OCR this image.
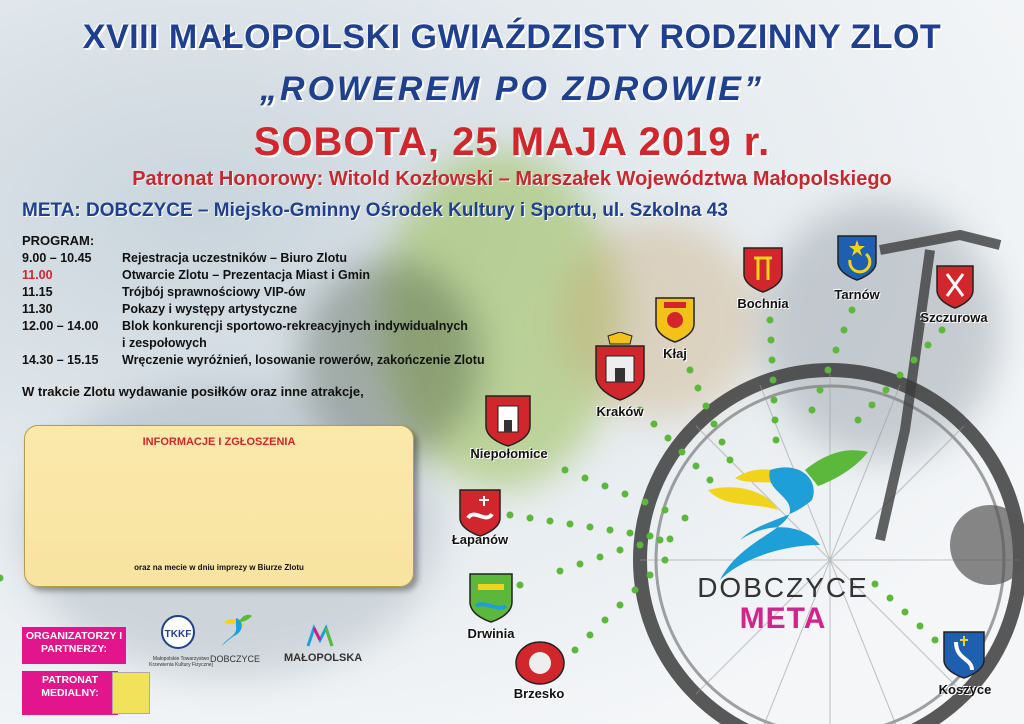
XVIII MAŁOPOLSKI GWIAŹDZISTY RODZINNY ZLOT
„ROWEREM PO ZDROWIE”
SOBOTA, 25 MAJA 2019 r.
Patronat Honorowy: Witold Kozłowski – Marszałek Województwa Małopolskiego
META: DOBCZYCE – Miejsko-Gminny Ośrodek Kultury i Sportu, ul. Szkolna 43
PROGRAM:
9.00 – 10.45	Rejestracja uczestników – Biuro Zlotu
11.00	Otwarcie Zlotu – Prezentacja Miast i Gmin
11.15	Trójbój sprawnościowy VIP-ów
11.30	Pokazy i występy artystyczne
12.00 – 14.00	Blok konkurencji sportowo-rekreacyjnych indywidualnych
i zespołowych
14.30 – 15.15	Wręczenie wyróżnień, losowanie rowerów, zakończenie Zlotu
W trakcie Zlotu wydawanie posiłków oraz inne atrakcje,
INFORMACJE I ZGŁOSZENIA
oraz na mecie w dniu imprezy w Biurze Zlotu
ORGANIZATORZY I PARTNERZY:
PATRONAT MEDIALNY:
TKKF
Małopolskie Towarzystwo Krzewienia Kultury Fizycznej
DOBCZYCE MAŁOPOLSKA
Bochnia
Tarnów
Szczurowa
Kłaj
Kraków
Niepołomice
Łapanów
Drwinia
Brzesko	Koszyce
DOBCZYCE
META
